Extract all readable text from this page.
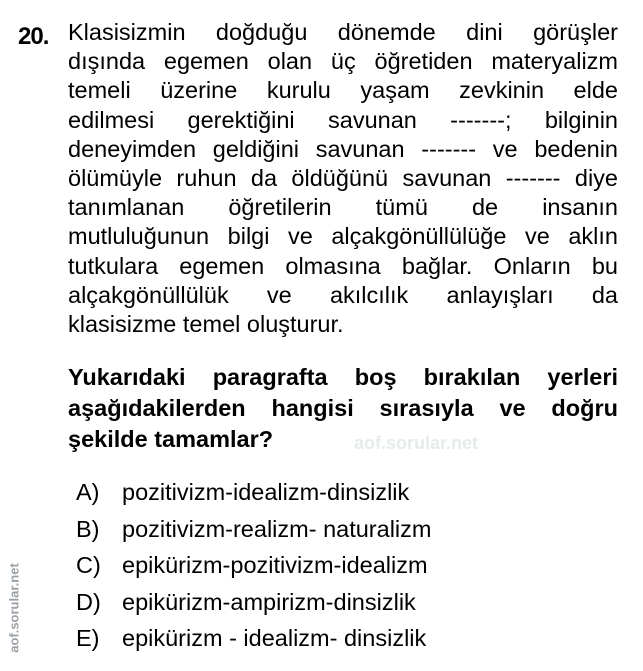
20. Klasisizmin doğduğu dönemde dini görüşler
dışında egemen olan üç öğretiden materyalizm
temeli üzerine kurulu yaşam zevkinin elde
edilmesi gerektiğini savunan -------; bilginin
deneyimden geldiğini savunan ------- ve bedenin
ölümüyle ruhun da öldüğünü savunan ------- diye
tanımlanan öğretilerin tümü de insanın
mutluluğunun bilgi ve alçakgönüllülüğe ve aklın
tutkulara egemen olmasına bağlar. Onların bu
alçakgönüllülük ve akılcılık anlayışları da
klasisizme temel oluşturur.
Yukarıdaki paragrafta boş bırakılan yerleri
aşağıdakilerden hangisi sırasıyla ve doğru
şekilde tamamlar?	aof.sorular.net
A) pozitivizm-idealizm-dinsizlik
B) pozitivizm-realizm- naturalizm
C) epikürizm-pozitivizm-idealizm
D) epikürizm-ampirizm-dinsizlik
E) epikürizm - idealizm- dinsizlik
aof.sorular.net
